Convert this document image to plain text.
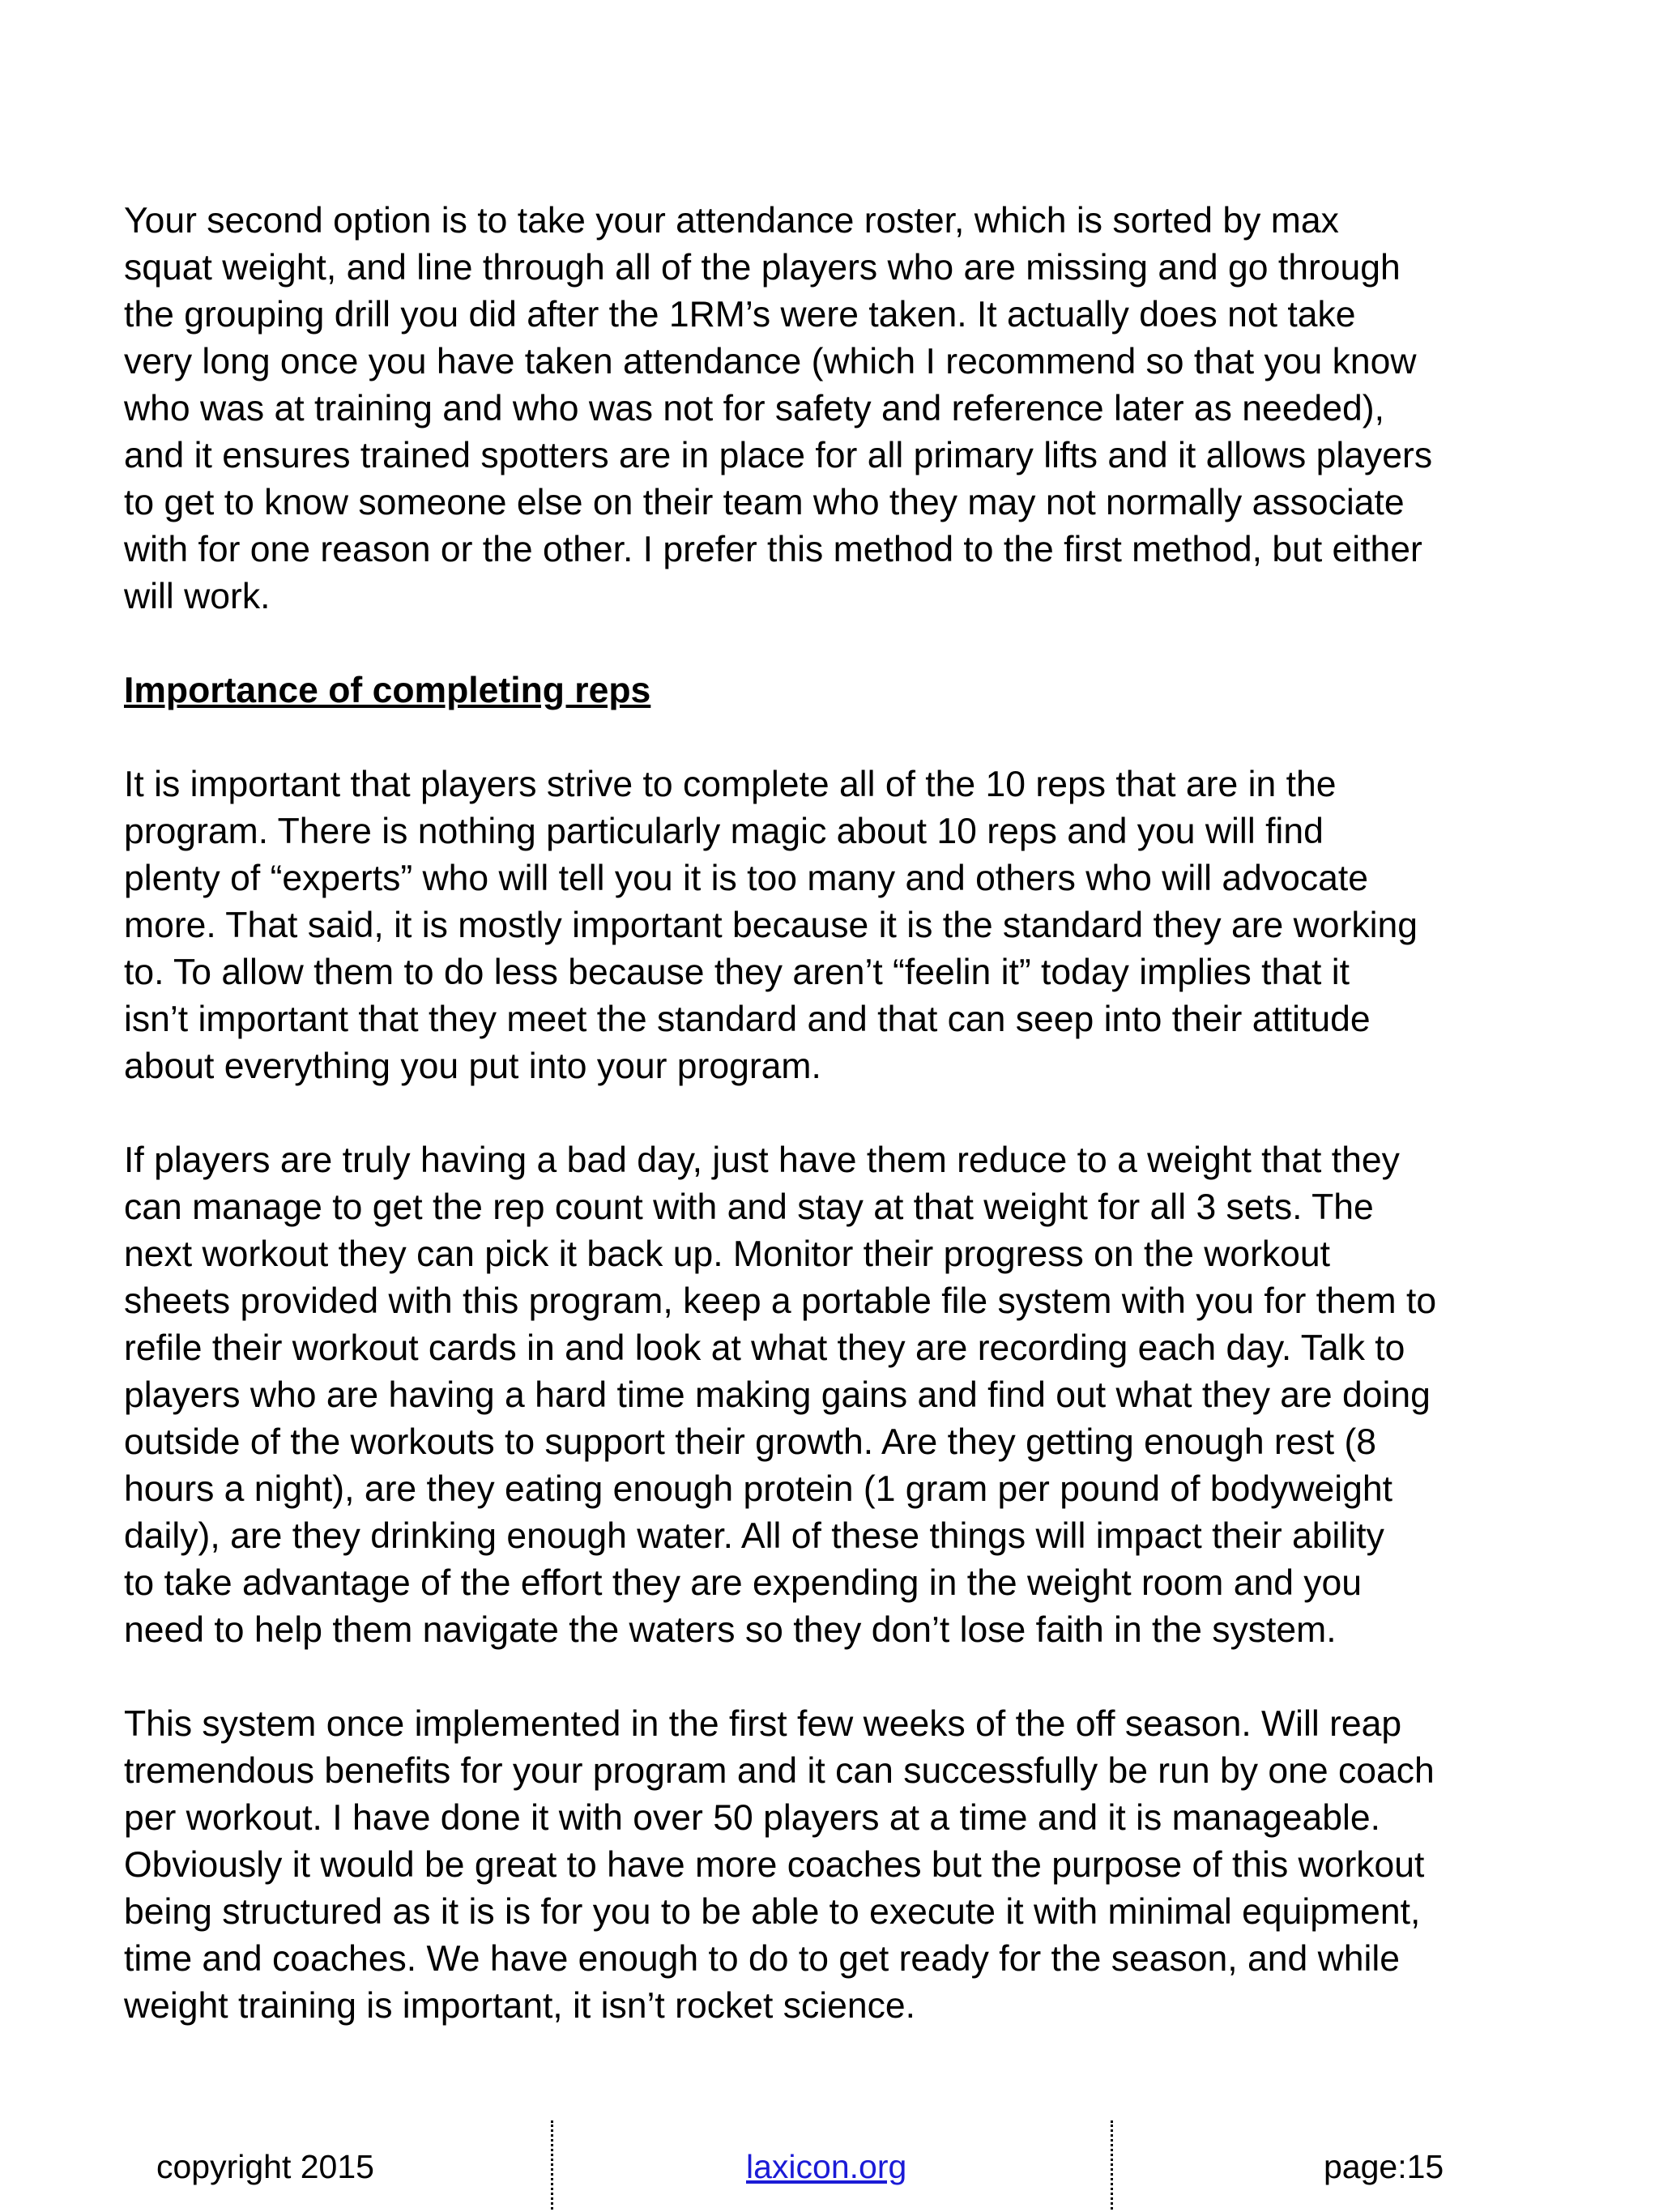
Your second option is to take your attendance roster, which is sorted by max
squat weight, and line through all of the players who are missing and go through
the grouping drill you did after the 1RM’s were taken. It actually does not take
very long once you have taken attendance (which I recommend so that you know
who was at training and who was not for safety and reference later as needed),
and it ensures trained spotters are in place for all primary lifts and it allows players
to get to know someone else on their team who they may not normally associate
with for one reason or the other. I prefer this method to the first method, but either
will work.

Importance of completing reps

It is important that players strive to complete all of the 10 reps that are in the
program. There is nothing particularly magic about 10 reps and you will find
plenty of “experts” who will tell you it is too many and others who will advocate
more. That said, it is mostly important because it is the standard they are working
to. To allow them to do less because they aren’t “feelin it” today implies that it
isn’t important that they meet the standard and that can seep into their attitude
about everything you put into your program.

If players are truly having a bad day, just have them reduce to a weight that they
can manage to get the rep count with and stay at that weight for all 3 sets. The
next workout they can pick it back up. Monitor their progress on the workout
sheets provided with this program, keep a portable file system with you for them to
refile their workout cards in and look at what they are recording each day. Talk to
players who are having a hard time making gains and find out what they are doing
outside of the workouts to support their growth. Are they getting enough rest (8
hours a night), are they eating enough protein (1 gram per pound of bodyweight
daily), are they drinking enough water. All of these things will impact their ability
to take advantage of the effort they are expending in the weight room and you
need to help them navigate the waters so they don’t lose faith in the system.

This system once implemented in the first few weeks of the off season. Will reap
tremendous benefits for your program and it can successfully be run by one coach
per workout. I have done it with over 50 players at a time and it is manageable.
Obviously it would be great to have more coaches but the purpose of this workout
being structured as it is is for you to be able to execute it with minimal equipment,
time and coaches. We have enough to do to get ready for the season, and while
weight training is important, it isn’t rocket science.

copyright 2015	laxicon.org	page:15
